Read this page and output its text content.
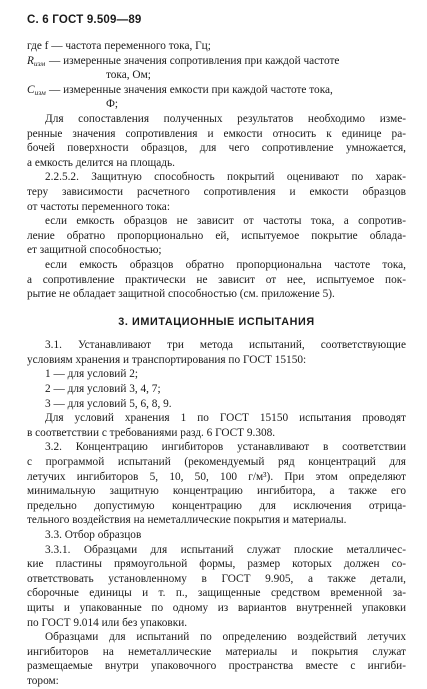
С. 6 ГОСТ 9.509—89
где f — частота переменного тока, Гц;
$R_{изм}$ — измеренные значения сопротивления при каждой частоте
тока, Ом;
$C_{изм}$ — измеренные значения емкости при каждой частоте тока,
Ф;
Для сопоставления полученных результатов необходимо изме-
ренные значения сопротивления и емкости относить к единице ра-
бочей поверхности образцов, для чего сопротивление умножается,
а емкость делится на площадь.
2.2.5.2. Защитную способность покрытий оценивают по харак-
теру зависимости расчетного сопротивления и емкости образцов
от частоты переменного тока:
если емкость образцов не зависит от частоты тока, а сопротив-
ление обратно пропорционально ей, испытуемое покрытие облада-
ет защитной способностью;
если емкость образцов обратно пропорциональна частоте тока,
а сопротивление практически не зависит от нее, испытуемое пок-
рытие не обладает защитной способностью (см. приложение 5).
3. ИМИТАЦИОННЫЕ ИСПЫТАНИЯ
3.1. Устанавливают три метода испытаний, соответствующие
условиям хранения и транспортирования по ГОСТ 15150:
1 — для условий 2;
2 — для условий 3, 4, 7;
3 — для условий 5, 6, 8, 9.
Для условий хранения 1 по ГОСТ 15150 испытания проводят
в соответствии с требованиями разд. 6 ГОСТ 9.308.
3.2. Концентрацию ингибиторов устанавливают в соответствии
с программой испытаний (рекомендуемый ряд концентраций для
летучих ингибиторов 5, 10, 50, 100 г/м³). При этом определяют
минимальную защитную концентрацию ингибитора, а также его
предельно допустимую концентрацию для исключения отрица-
тельного воздействия на неметаллические покрытия и материалы.
3.3. Отбор образцов
3.3.1. Образцами для испытаний служат плоские металличес-
кие пластины прямоугольной формы, размер которых должен со-
ответствовать установленному в ГОСТ 9.905, а также детали,
сборочные единицы и т. п., защищенные средством временной за-
щиты и упакованные по одному из вариантов внутренней упаковки
по ГОСТ 9.014 или без упаковки.
Образцами для испытаний по определению воздействий летучих
ингибиторов на неметаллические материалы и покрытия служат
размещаемые внутри упаковочного пространства вместе с ингиби-
тором:
